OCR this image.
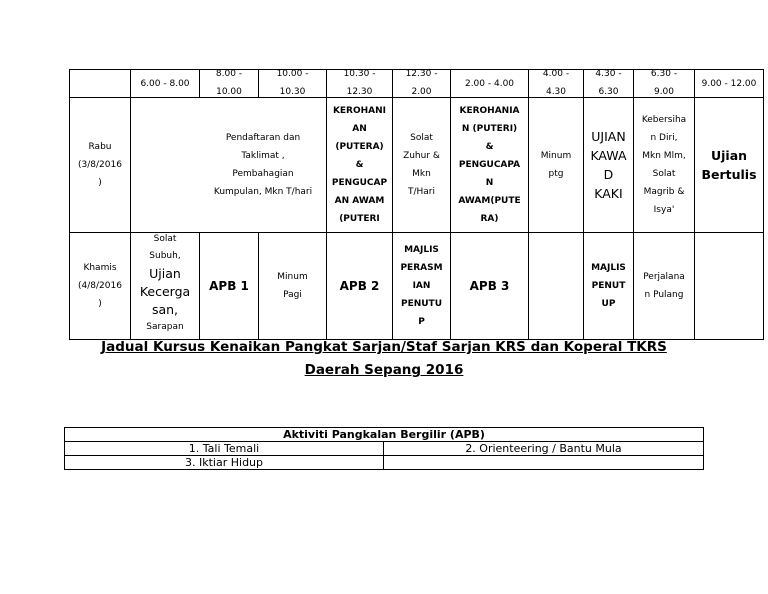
6.00 - 8.00
8.00 -
10.00
10.00 -
10.30
10.30 -
12.30
12.30 -
2.00
2.00 - 4.00
4.00 -
4.30
4.30 -
6.30
6.30 -
9.00
9.00 - 12.00
Rabu
(3/8/2016
)
Pendaftaran dan
Taklimat ,
Pembahagian
Kumpulan, Mkn T/hari
KEROHANI
AN
(PUTERA)
&
PENGUCAP
AN AWAM
(PUTERI
Solat
Zuhur &
Mkn
T/Hari
KEROHANIA
N (PUTERI)
&
PENGUCAPA
N
AWAM(PUTE
RA)
Minum
ptg
UJIAN
KAWA
D
KAKI
Kebersiha
n Diri,
Mkn Mlm,
Solat
Magrib &
Isya'
Ujian
Bertulis
Khamis
(4/8/2016
)
Solat
Subuh,
Ujian
Kecerga
san,
Sarapan
APB 1
Minum
Pagi
APB 2
MAJLIS
PERASM
IAN
PENUTU
P
APB 3
MAJLIS
PENUT
UP
Perjalana
n Pulang
Jadual Kursus Kenaikan Pangkat Sarjan/Staf Sarjan KRS dan Koperal TKRS
Daerah Sepang 2016
Aktiviti Pangkalan Bergilir (APB)
1. Tali Temali	2. Orienteering / Bantu Mula
3. Iktiar Hidup
